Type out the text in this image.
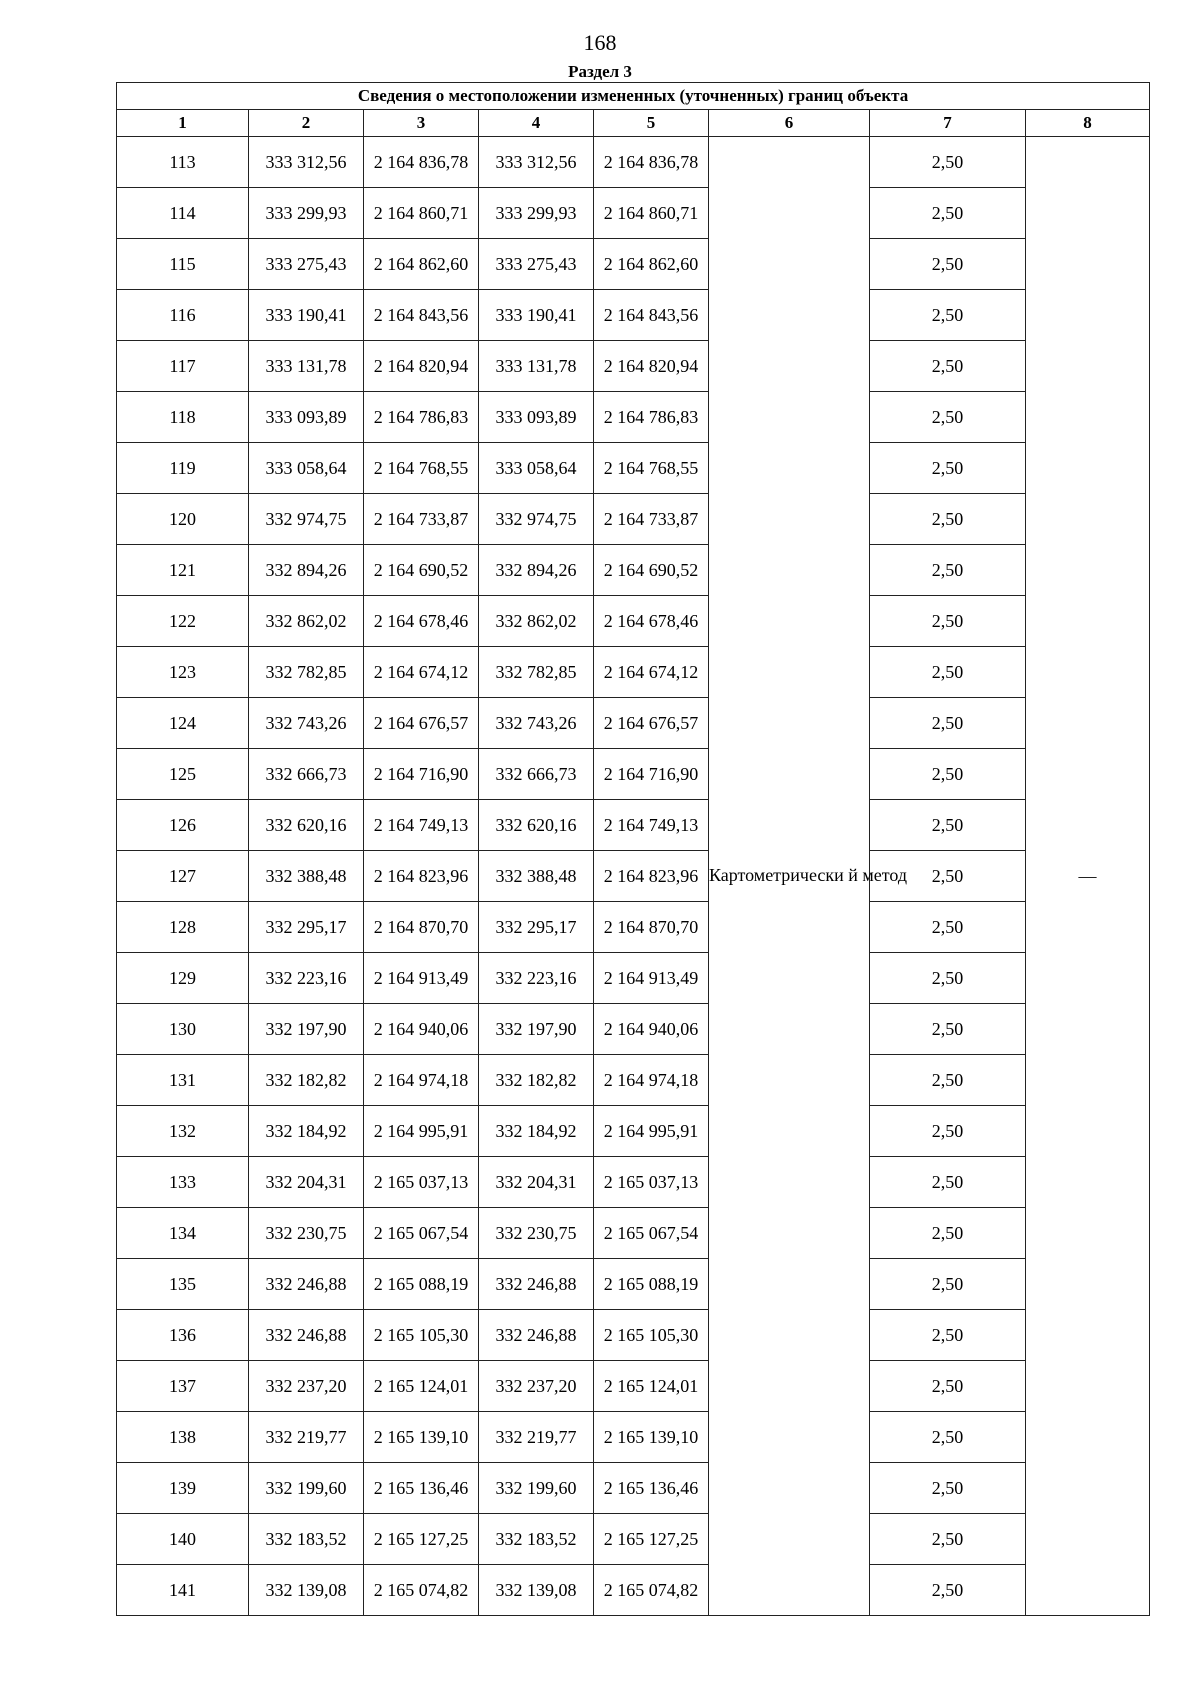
168
Раздел 3
Сведения о местоположении измененных (уточненных) границ объекта							
1	2	3	4	5	6	7	8
113	333 312,56	2 164 836,78	333 312,56	2 164 836,78	Картометрически й метод	2,50	—
114	333 299,93	2 164 860,71	333 299,93	2 164 860,71		2,50	
115	333 275,43	2 164 862,60	333 275,43	2 164 862,60		2,50	
116	333 190,41	2 164 843,56	333 190,41	2 164 843,56		2,50	
117	333 131,78	2 164 820,94	333 131,78	2 164 820,94		2,50	
118	333 093,89	2 164 786,83	333 093,89	2 164 786,83		2,50	
119	333 058,64	2 164 768,55	333 058,64	2 164 768,55		2,50	
120	332 974,75	2 164 733,87	332 974,75	2 164 733,87		2,50	
121	332 894,26	2 164 690,52	332 894,26	2 164 690,52		2,50	
122	332 862,02	2 164 678,46	332 862,02	2 164 678,46		2,50	
123	332 782,85	2 164 674,12	332 782,85	2 164 674,12		2,50	
124	332 743,26	2 164 676,57	332 743,26	2 164 676,57		2,50	
125	332 666,73	2 164 716,90	332 666,73	2 164 716,90		2,50	
126	332 620,16	2 164 749,13	332 620,16	2 164 749,13		2,50	
127	332 388,48	2 164 823,96	332 388,48	2 164 823,96		2,50	
128	332 295,17	2 164 870,70	332 295,17	2 164 870,70		2,50	
129	332 223,16	2 164 913,49	332 223,16	2 164 913,49		2,50	
130	332 197,90	2 164 940,06	332 197,90	2 164 940,06		2,50	
131	332 182,82	2 164 974,18	332 182,82	2 164 974,18		2,50	
132	332 184,92	2 164 995,91	332 184,92	2 164 995,91		2,50	
133	332 204,31	2 165 037,13	332 204,31	2 165 037,13		2,50	
134	332 230,75	2 165 067,54	332 230,75	2 165 067,54		2,50	
135	332 246,88	2 165 088,19	332 246,88	2 165 088,19		2,50	
136	332 246,88	2 165 105,30	332 246,88	2 165 105,30		2,50	
137	332 237,20	2 165 124,01	332 237,20	2 165 124,01		2,50	
138	332 219,77	2 165 139,10	332 219,77	2 165 139,10		2,50	
139	332 199,60	2 165 136,46	332 199,60	2 165 136,46		2,50	
140	332 183,52	2 165 127,25	332 183,52	2 165 127,25		2,50	
141	332 139,08	2 165 074,82	332 139,08	2 165 074,82		2,50	
